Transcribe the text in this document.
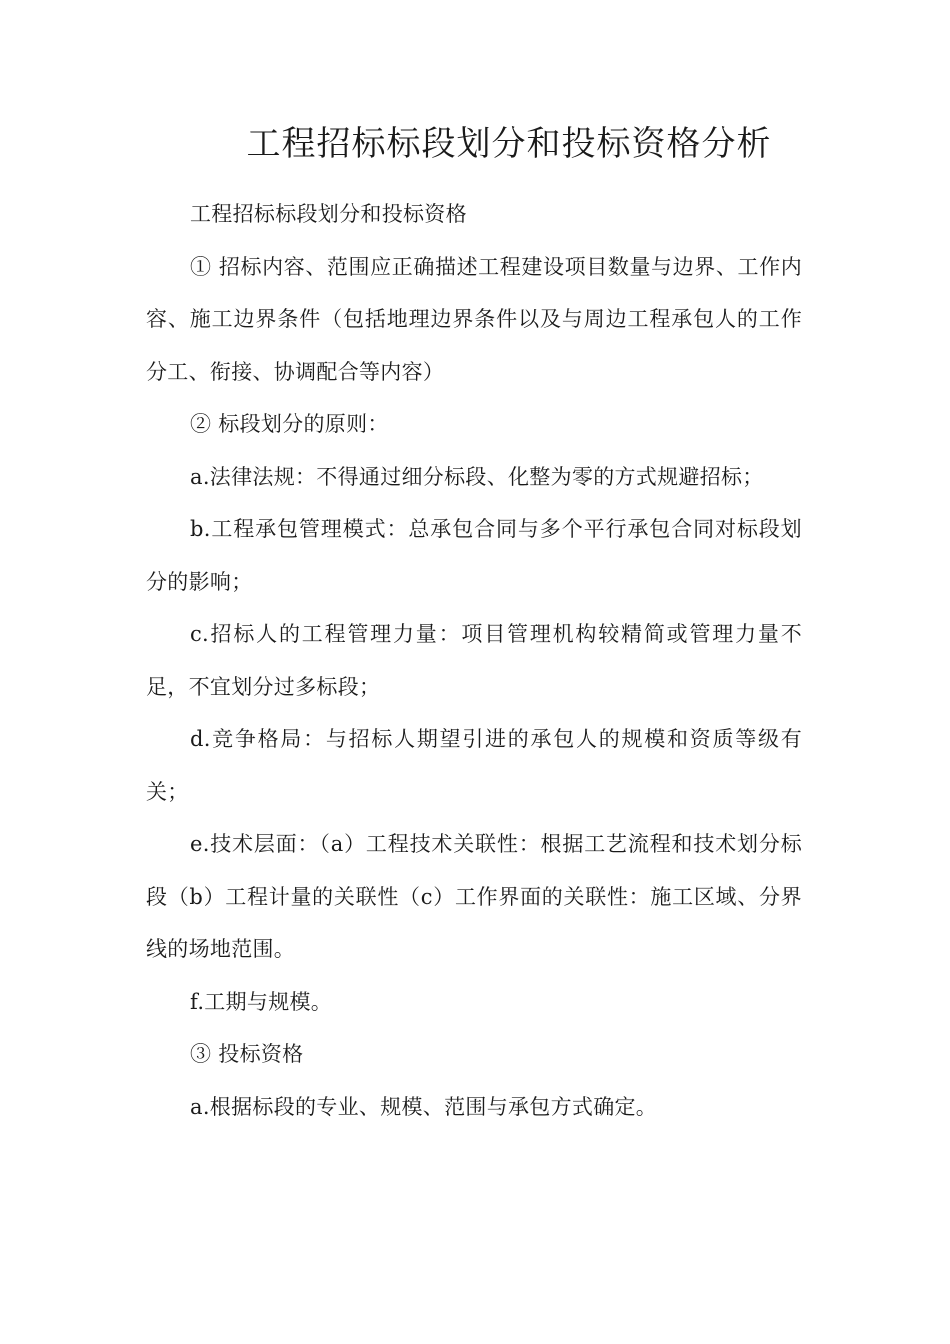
工程招标标段划分和投标资格分析

工程招标标段划分和投标资格

① 招标内容、范围应正确描述工程建设项目数量与边界、工作内容、施工边界条件（包括地理边界条件以及与周边工程承包人的工作分工、衔接、协调配合等内容）

② 标段划分的原则：

a.法律法规：不得通过细分标段、化整为零的方式规避招标；

b.工程承包管理模式：总承包合同与多个平行承包合同对标段划分的影响；

c.招标人的工程管理力量：项目管理机构较精简或管理力量不足，不宜划分过多标段；

d.竞争格局：与招标人期望引进的承包人的规模和资质等级有关；

e.技术层面：（a）工程技术关联性：根据工艺流程和技术划分标段（b）工程计量的关联性（c）工作界面的关联性：施工区域、分界线的场地范围。

f.工期与规模。

③ 投标资格

a.根据标段的专业、规模、范围与承包方式确定。
